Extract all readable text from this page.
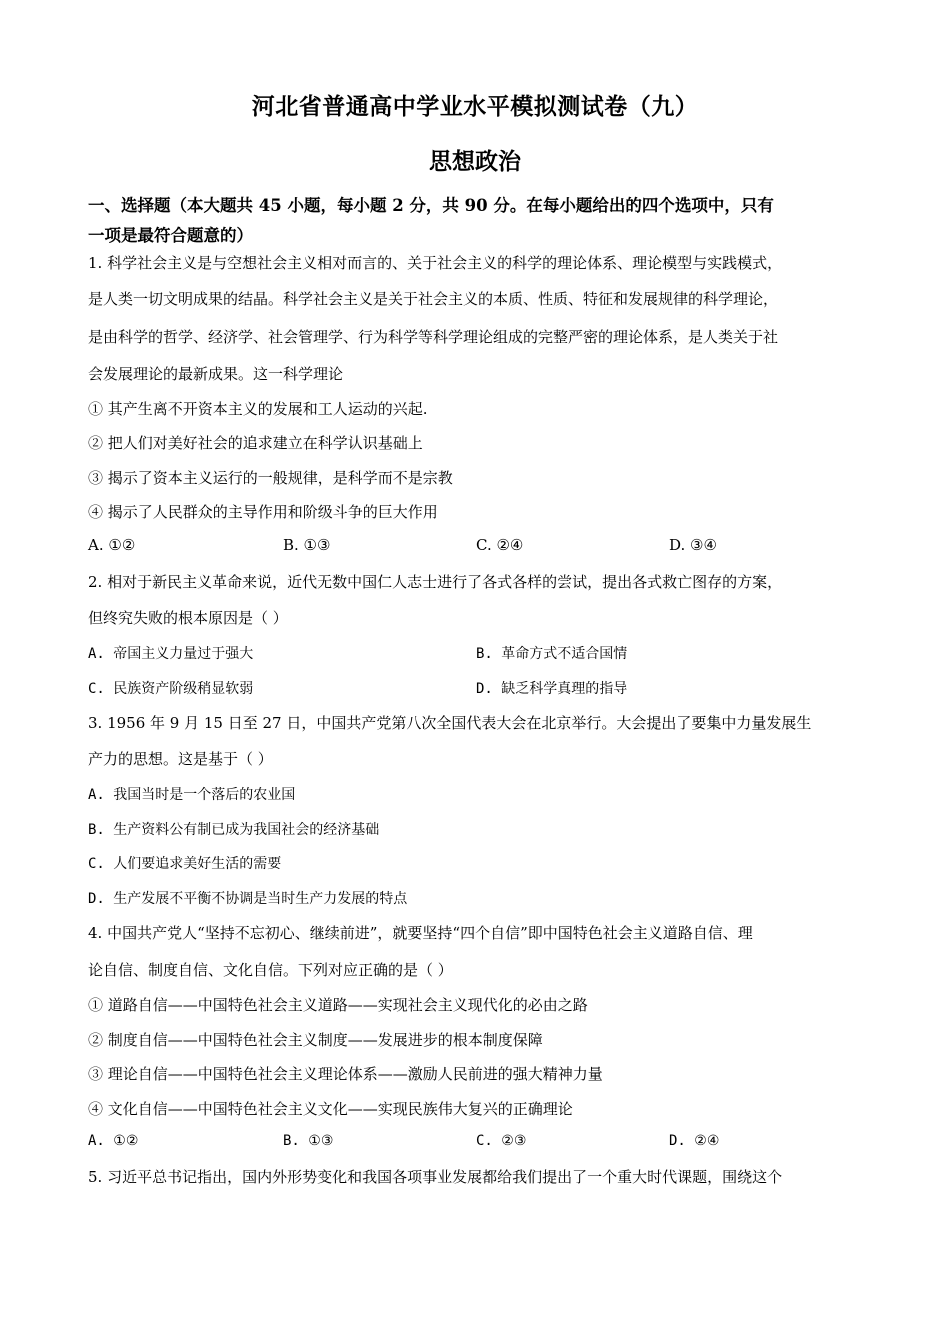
河北省普通高中学业水平模拟测试卷（九）
思想政治
一、选择题（本大题共 45 小题，每小题 2 分，共 90 分。在每小题给出的四个选项中，只有
一项是最符合题意的）
1. 科学社会主义是与空想社会主义相对而言的、关于社会主义的科学的理论体系、理论模型与实践模式，
是人类一切文明成果的结晶。科学社会主义是关于社会主义的本质、性质、特征和发展规律的科学理论，
是由科学的哲学、经济学、社会管理学、行为科学等科学理论组成的完整严密的理论体系，是人类关于社
会发展理论的最新成果。这一科学理论
① 其产生离不开资本主义的发展和工人运动的兴起.
② 把人们对美好社会的追求建立在科学认识基础上
③ 揭示了资本主义运行的一般规律，是科学而不是宗教
④ 揭示了人民群众的主导作用和阶级斗争的巨大作用
A. ①②	B. ①③	C. ②④	D. ③④
2. 相对于新民主义革命来说，近代无数中国仁人志士进行了各式各样的尝试，提出各式救亡图存的方案，
但终究失败的根本原因是（ ）
A. 帝国主义力量过于强大	B. 革命方式不适合国情
C. 民族资产阶级稍显软弱	D. 缺乏科学真理的指导
3. 1956 年 9 月 15 日至 27 日，中国共产党第八次全国代表大会在北京举行。大会提出了要集中力量发展生
产力的思想。这是基于（ ）
A. 我国当时是一个落后的农业国
B. 生产资料公有制已成为我国社会的经济基础
C. 人们要追求美好生活的需要
D. 生产发展不平衡不协调是当时生产力发展的特点
4. 中国共产党人“坚持不忘初心、继续前进”，就要坚持“四个自信”即中国特色社会主义道路自信、理
论自信、制度自信、文化自信。下列对应正确的是（ ）
① 道路自信——中国特色社会主义道路——实现社会主义现代化的必由之路
② 制度自信——中国特色社会主义制度——发展进步的根本制度保障
③ 理论自信——中国特色社会主义理论体系——激励人民前进的强大精神力量
④ 文化自信——中国特色社会主义文化——实现民族伟大复兴的正确理论
A. ①②	B. ①③	C. ②③	D. ②④
5. 习近平总书记指出，国内外形势变化和我国各项事业发展都给我们提出了一个重大时代课题，围绕这个
